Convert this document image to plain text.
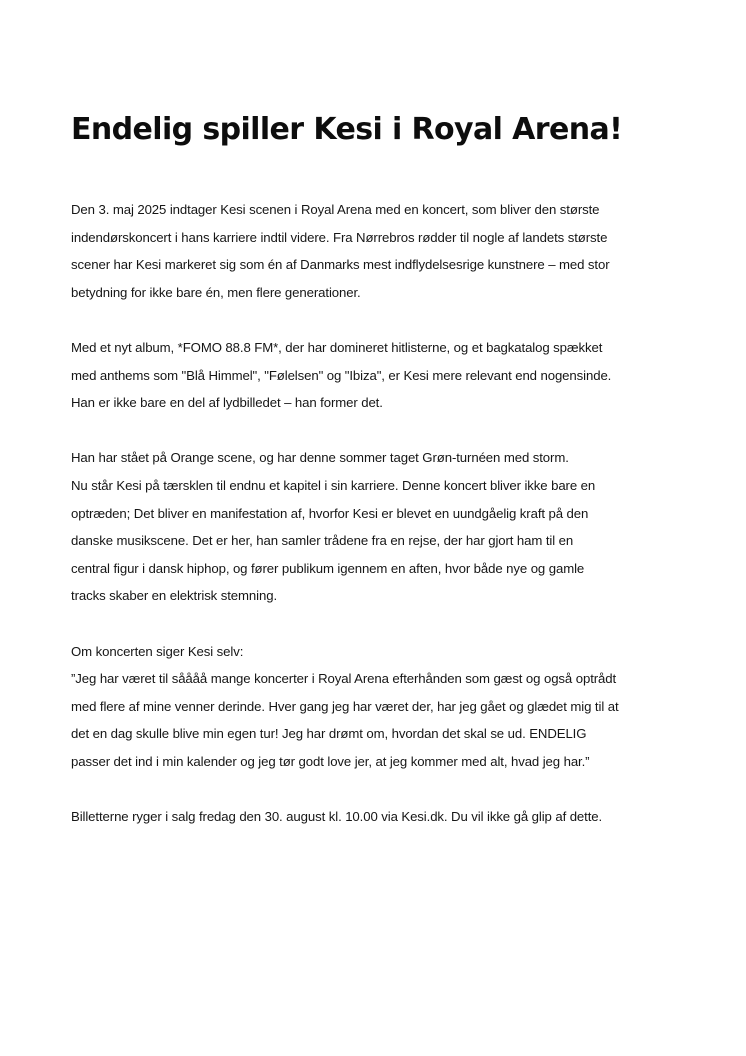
Endelig spiller Kesi i Royal Arena!

Den 3. maj 2025 indtager Kesi scenen i Royal Arena med en koncert, som bliver den største
indendørskoncert i hans karriere indtil videre. Fra Nørrebros rødder til nogle af landets største
scener har Kesi markeret sig som én af Danmarks mest indflydelsesrige kunstnere – med stor
betydning for ikke bare én, men flere generationer.

Med et nyt album, *FOMO 88.8 FM*, der har domineret hitlisterne, og et bagkatalog spækket
med anthems som "Blå Himmel", "Følelsen" og "Ibiza", er Kesi mere relevant end nogensinde.
Han er ikke bare en del af lydbilledet – han former det.

Han har stået på Orange scene, og har denne sommer taget Grøn-turnéen med storm.
Nu står Kesi på tærsklen til endnu et kapitel i sin karriere. Denne koncert bliver ikke bare en
optræden; Det bliver en manifestation af, hvorfor Kesi er blevet en uundgåelig kraft på den
danske musikscene. Det er her, han samler trådene fra en rejse, der har gjort ham til en
central figur i dansk hiphop, og fører publikum igennem en aften, hvor både nye og gamle
tracks skaber en elektrisk stemning.

Om koncerten siger Kesi selv:
”Jeg har været til såååå mange koncerter i Royal Arena efterhånden som gæst og også optrådt
med flere af mine venner derinde. Hver gang jeg har været der, har jeg gået og glædet mig til at
det en dag skulle blive min egen tur! Jeg har drømt om, hvordan det skal se ud. ENDELIG
passer det ind i min kalender og jeg tør godt love jer, at jeg kommer med alt, hvad jeg har.”

Billetterne ryger i salg fredag den 30. august kl. 10.00 via Kesi.dk. Du vil ikke gå glip af dette.
